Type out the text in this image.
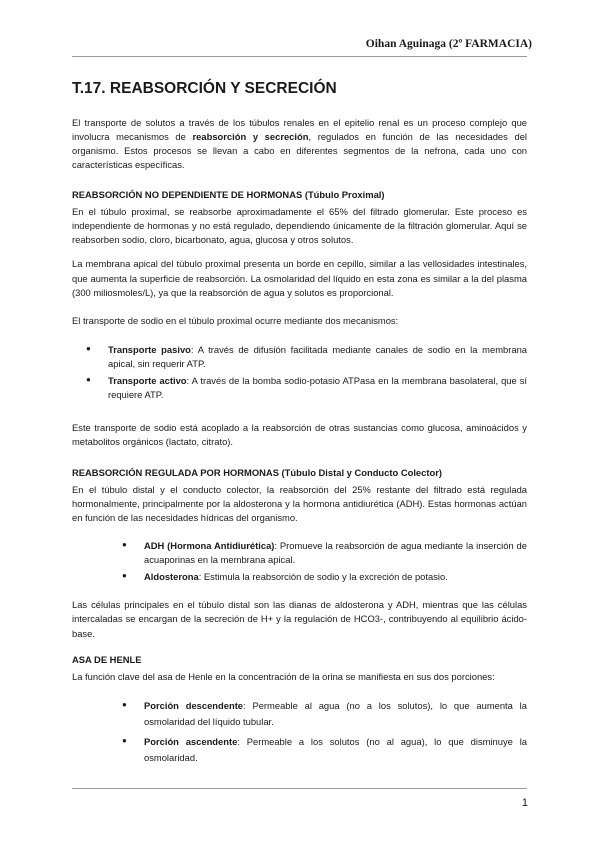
Oihan Aguinaga (2º FARMACIA)
T.17. REABSORCIÓN Y SECRECIÓN

El transporte de solutos a través de los túbulos renales en el epitelio renal es un proceso complejo que involucra mecanismos de reabsorción y secreción, regulados en función de las necesidades del organismo. Estos procesos se llevan a cabo en diferentes segmentos de la nefrona, cada uno con características específicas.

REABSORCIÓN NO DEPENDIENTE DE HORMONAS (Túbulo Proximal)

En el túbulo proximal, se reabsorbe aproximadamente el 65% del filtrado glomerular. Este proceso es independiente de hormonas y no está regulado, dependiendo únicamente de la filtración glomerular. Aquí se reabsorben sodio, cloro, bicarbonato, agua, glucosa y otros solutos.

La membrana apical del túbulo proximal presenta un borde en cepillo, similar a las vellosidades intestinales, que aumenta la superficie de reabsorción. La osmolaridad del líquido en esta zona es similar a la del plasma (300 miliosmoles/L), ya que la reabsorción de agua y solutos es proporcional.

El transporte de sodio en el túbulo proximal ocurre mediante dos mecanismos:

● Transporte pasivo: A través de difusión facilitada mediante canales de sodio en la membrana apical, sin requerir ATP.
● Transporte activo: A través de la bomba sodio-potasio ATPasa en la membrana basolateral, que sí requiere ATP.

Este transporte de sodio está acoplado a la reabsorción de otras sustancias como glucosa, aminoácidos y metabolitos orgánicos (lactato, citrato).

REABSORCIÓN REGULADA POR HORMONAS (Túbulo Distal y Conducto Colector)

En el túbulo distal y el conducto colector, la reabsorción del 25% restante del filtrado está regulada hormonalmente, principalmente por la aldosterona y la hormona antidiurética (ADH). Estas hormonas actúan en función de las necesidades hídricas del organismo.

● ADH (Hormona Antidiurética): Promueve la reabsorción de agua mediante la inserción de acuaporinas en la membrana apical.
● Aldosterona: Estimula la reabsorción de sodio y la excreción de potasio.

Las células principales en el túbulo distal son las dianas de aldosterona y ADH, mientras que las células intercaladas se encargan de la secreción de H+ y la regulación de HCO3-, contribuyendo al equilibrio ácido-base.

ASA DE HENLE

La función clave del asa de Henle en la concentración de la orina se manifiesta en sus dos porciones:

● Porción descendente: Permeable al agua (no a los solutos), lo que aumenta la osmolaridad del líquido tubular.
● Porción ascendente: Permeable a los solutos (no al agua), lo que disminuye la osmolaridad.
1
